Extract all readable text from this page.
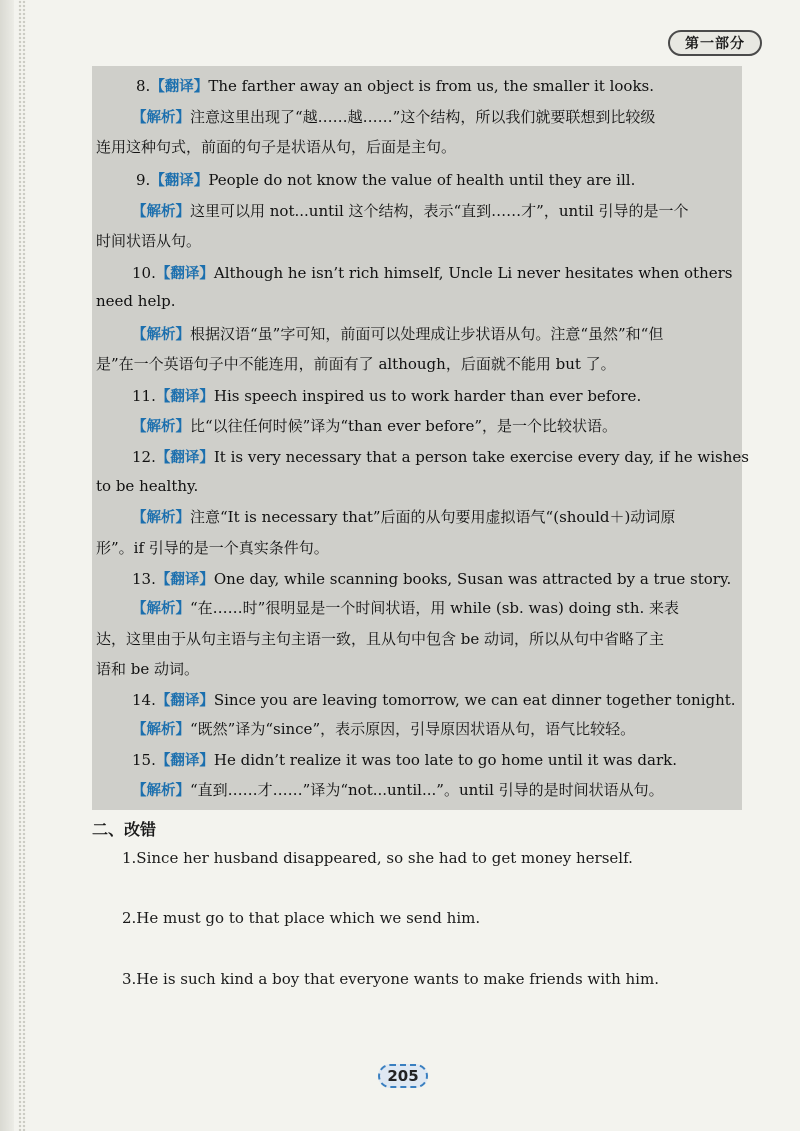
第一部分
8.【翻译】The farther away an object is from us, the smaller it looks.
【解析】注意这里出现了“越……越……”这个结构，所以我们就要联想到比较级
连用这种句式，前面的句子是状语从句，后面是主句。
9.【翻译】People do not know the value of health until they are ill.
【解析】这里可以用 not...until 这个结构，表示“直到……才”，until 引导的是一个
时间状语从句。
10.【翻译】Although he isn’t rich himself, Uncle Li never hesitates when others
need help.
【解析】根据汉语“虽”字可知，前面可以处理成让步状语从句。注意“虽然”和“但
是”在一个英语句子中不能连用，前面有了 although，后面就不能用 but 了。
11.【翻译】His speech inspired us to work harder than ever before.
【解析】比“以往任何时候”译为“than ever before”，是一个比较状语。
12.【翻译】It is very necessary that a person take exercise every day, if he wishes
to be healthy.
【解析】注意“It is necessary that”后面的从句要用虚拟语气“(should＋)动词原
形”。if 引导的是一个真实条件句。
13.【翻译】One day, while scanning books, Susan was attracted by a true story.
【解析】“在……时”很明显是一个时间状语，用 while (sb. was) doing sth. 来表
达，这里由于从句主语与主句主语一致，且从句中包含 be 动词，所以从句中省略了主
语和 be 动词。
14.【翻译】Since you are leaving tomorrow, we can eat dinner together tonight.
【解析】“既然”译为“since”，表示原因，引导原因状语从句，语气比较轻。
15.【翻译】He didn’t realize it was too late to go home until it was dark.
【解析】“直到……才……”译为“not...until...”。until 引导的是时间状语从句。
二、改错
1.Since her husband disappeared, so she had to get money herself.
2.He must go to that place which we send him.
3.He is such kind a boy that everyone wants to make friends with him.
205
